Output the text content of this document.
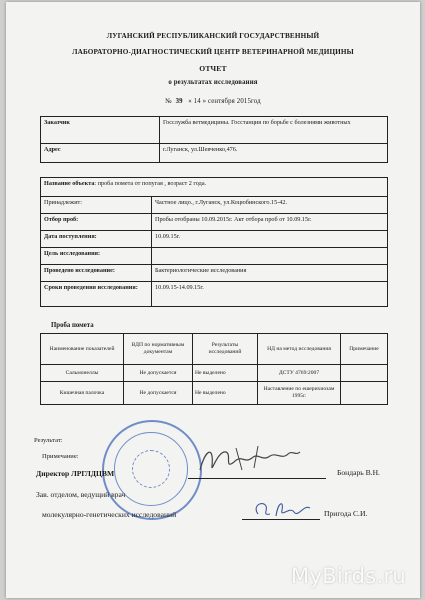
ЛУГАНСКИЙ РЕСПУБЛИКАНСКИЙ ГОСУДАРСТВЕННЫЙ
ЛАБОРАТОРНО-ДИАГНОСТИЧЕСКИЙ ЦЕНТР ВЕТЕРИНАРНОЙ МЕДИЦИНЫ
ОТЧЕТ
о результатах исследования
№ 39 « 14 » сентября 2015год
Заказчик	Госслужба ветмедицины. Госстанция по борьбе с болезнями животных
Адрес	г.Луганск, ул.Шевченко,476.
Название объекта: проба помета от попугая , возраст 2 года.	
Принадлежит:	Частное лицо., г.Луганск, ул.Коцюбинского.15-42.
Отбор проб:	Пробы отобраны 10.09.2015г. Акт отбора проб от 10.09.15г.
Дата поступления:	10.09.15г.
Цель исследования:	
Проведено исследование:	Бактериологические исследования
Сроки проведения исследования:	10.09.15-14.09.15г.
Проба помета
Наименование показателей	ВДП по нормативным документам	Результаты исследований	НД на метод исследования	Примечание
Сальмонеллы	Не допускается	Не выделено	ДСТУ 4769:2007	
Кишечная палочка	Не допускается	Не выделено	Наставление по ешерихиозам 1995г.	
Результат:
Примечание:
Директор ЛРГЛДЦВМ	Бондарь В.Н.
Зав. отделом, ведущий врач
молекулярно-генетических исследований	Пригода С.И.
MyBirds.ru
